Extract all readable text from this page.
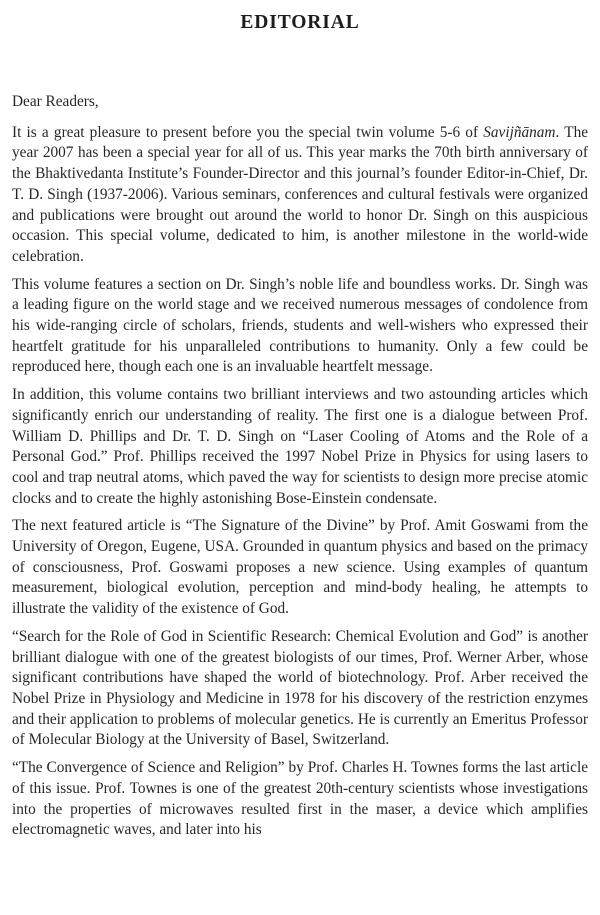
EDITORIAL

Dear Readers,

It is a great pleasure to present before you the special twin volume 5-6 of Savijñānam. The year 2007 has been a special year for all of us. This year marks the 70th birth anniversary of the Bhaktivedanta Institute’s Founder-Director and this journal’s founder Editor-in-Chief, Dr. T. D. Singh (1937-2006). Various seminars, conferences and cultural festivals were organized and publications were brought out around the world to honor Dr. Singh on this auspicious occasion. This special volume, dedicated to him, is another milestone in the world-wide celebration.

This volume features a section on Dr. Singh’s noble life and boundless works. Dr. Singh was a leading figure on the world stage and we received numerous messages of condolence from his wide-ranging circle of scholars, friends, students and well-wishers who expressed their heartfelt gratitude for his unparalleled contributions to humanity. Only a few could be reproduced here, though each one is an invaluable heartfelt message.

In addition, this volume contains two brilliant interviews and two astounding articles which significantly enrich our understanding of reality. The first one is a dialogue between Prof. William D. Phillips and Dr. T. D. Singh on “Laser Cooling of Atoms and the Role of a Personal God.” Prof. Phillips received the 1997 Nobel Prize in Physics for using lasers to cool and trap neutral atoms, which paved the way for scientists to design more precise atomic clocks and to create the highly astonishing Bose-Einstein condensate.

The next featured article is “The Signature of the Divine” by Prof. Amit Goswami from the University of Oregon, Eugene, USA. Grounded in quantum physics and based on the primacy of consciousness, Prof. Goswami proposes a new science. Using examples of quantum measurement, biological evolution, perception and mind-body healing, he attempts to illustrate the validity of the existence of God.

“Search for the Role of God in Scientific Research: Chemical Evolution and God” is another brilliant dialogue with one of the greatest biologists of our times, Prof. Werner Arber, whose significant contributions have shaped the world of biotechnology. Prof. Arber received the Nobel Prize in Physiology and Medicine in 1978 for his discovery of the restriction enzymes and their application to problems of molecular genetics. He is currently an Emeritus Professor of Molecular Biology at the University of Basel, Switzerland.

“The Convergence of Science and Religion” by Prof. Charles H. Townes forms the last article of this issue. Prof. Townes is one of the greatest 20th-century scientists whose investigations into the properties of microwaves resulted first in the maser, a device which amplifies electromagnetic waves, and later into his
